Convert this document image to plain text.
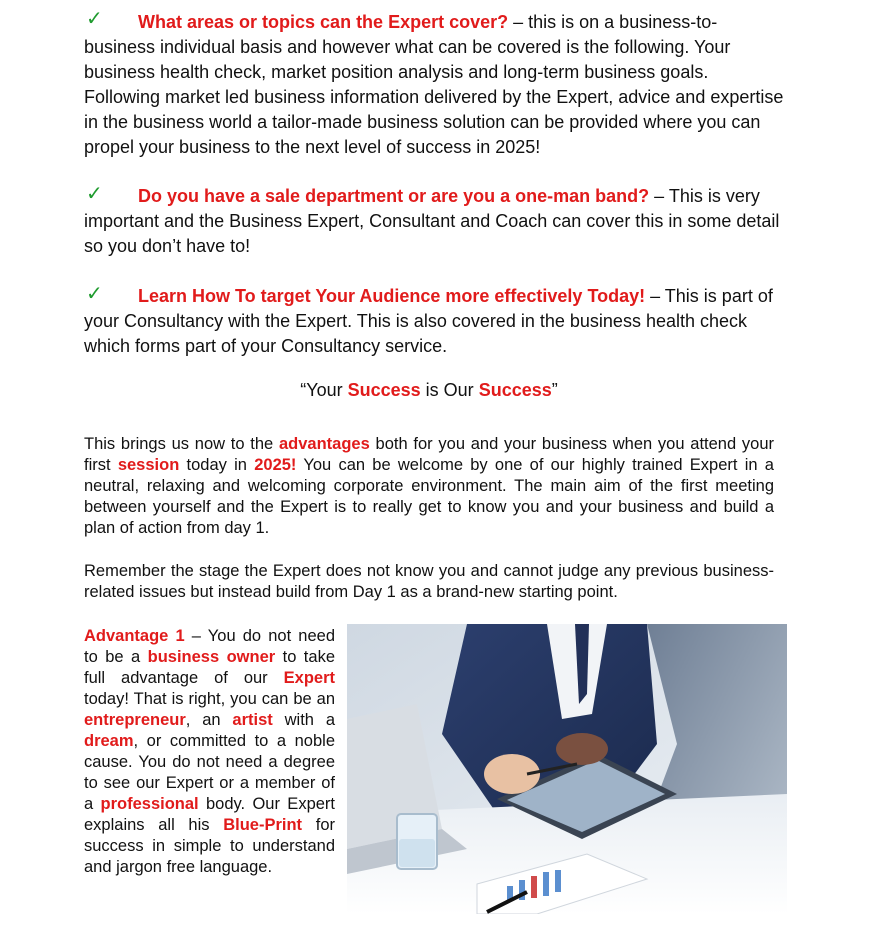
✓	What areas or topics can the Expert cover? – this is on a business-to-business individual basis and however what can be covered is the following. Your business health check, market position analysis and long-term business goals. Following market led business information delivered by the Expert, advice and expertise in the business world a tailor-made business solution can be provided where you can propel your business to the next level of success in 2025!
✓	Do you have a sale department or are you a one-man band? – This is very important and the Business Expert, Consultant and Coach can cover this in some detail so you don’t have to!
✓	Learn How To target Your Audience more effectively Today! – This is part of your Consultancy with the Expert. This is also covered in the business health check which forms part of your Consultancy service.
“Your Success is Our Success”
This brings us now to the advantages both for you and your business when you attend your first session today in 2025! You can be welcome by one of our highly trained Expert in a neutral, relaxing and welcoming corporate environment. The main aim of the first meeting between yourself and the Expert is to really get to know you and your business and build a plan of action from day 1.
Remember the stage the Expert does not know you and cannot judge any previous business-related issues but instead build from Day 1 as a brand-new starting point.
Advantage 1 – You do not need to be a business owner to take full advantage of our Expert today! That is right, you can be an entrepreneur, an artist with a dream, or committed to a noble cause. You do not need a degree to see our Expert or a member of a professional body. Our Expert explains all his Blue-Print for success in simple to understand and jargon free language.
